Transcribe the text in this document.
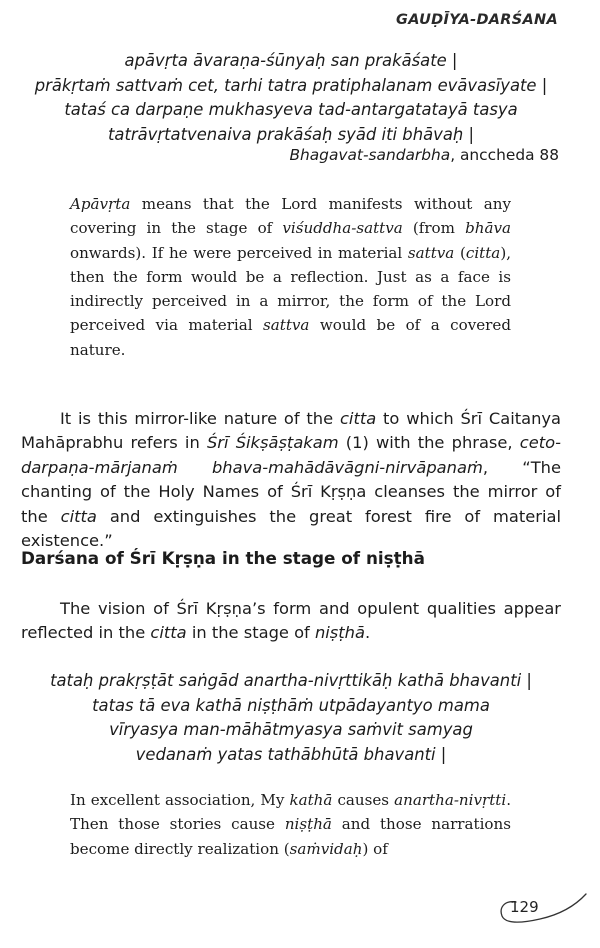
GAUḌĪYA-DARŚANA
apāvṛta āvaraṇa-śūnyaḥ san prakāśate |
prākṛtaṁ sattvaṁ cet, tarhi tatra pratiphalanam evāvasīyate |
tataś ca darpaṇe mukhasyeva tad-antargatatayā tasya
tatrāvṛtatvenaiva prakāśaḥ syād iti bhāvaḥ |
Bhagavat-sandarbha, anccheda 88

Apāvṛta means that the Lord manifests without any covering in the stage of viśuddha-sattva (from bhāva onwards). If he were perceived in material sattva (citta), then the form would be a reflection. Just as a face is indirectly perceived in a mirror, the form of the Lord perceived via material sattva would be of a covered nature.

It is this mirror-like nature of the citta to which Śrī Caitanya Mahāprabhu refers in Śrī Śikṣāṣṭakam (1) with the phrase, ceto-darpaṇa-mārjanaṁ bhava-mahādāvāgni-nirvāpanaṁ, “The chanting of the Holy Names of Śrī Kṛṣṇa cleanses the mirror of the citta and extinguishes the great forest fire of material existence.”

Darśana of Śrī Kṛṣṇa in the stage of niṣṭhā

The vision of Śrī Kṛṣṇa’s form and opulent qualities appear reflected in the citta in the stage of niṣṭhā.

tataḥ prakṛṣṭāt saṅgād anartha-nivṛttikāḥ kathā bhavanti |
tatas tā eva kathā niṣṭhāṁ utpādayantyo mama
vīryasya man-māhātmyasya saṁvit samyag
vedanaṁ yatas tathābhūtā bhavanti |

In excellent association, My kathā causes anartha-nivṛtti. Then those stories cause niṣṭhā and those narrations become directly realization (saṁvidaḥ) of

129
